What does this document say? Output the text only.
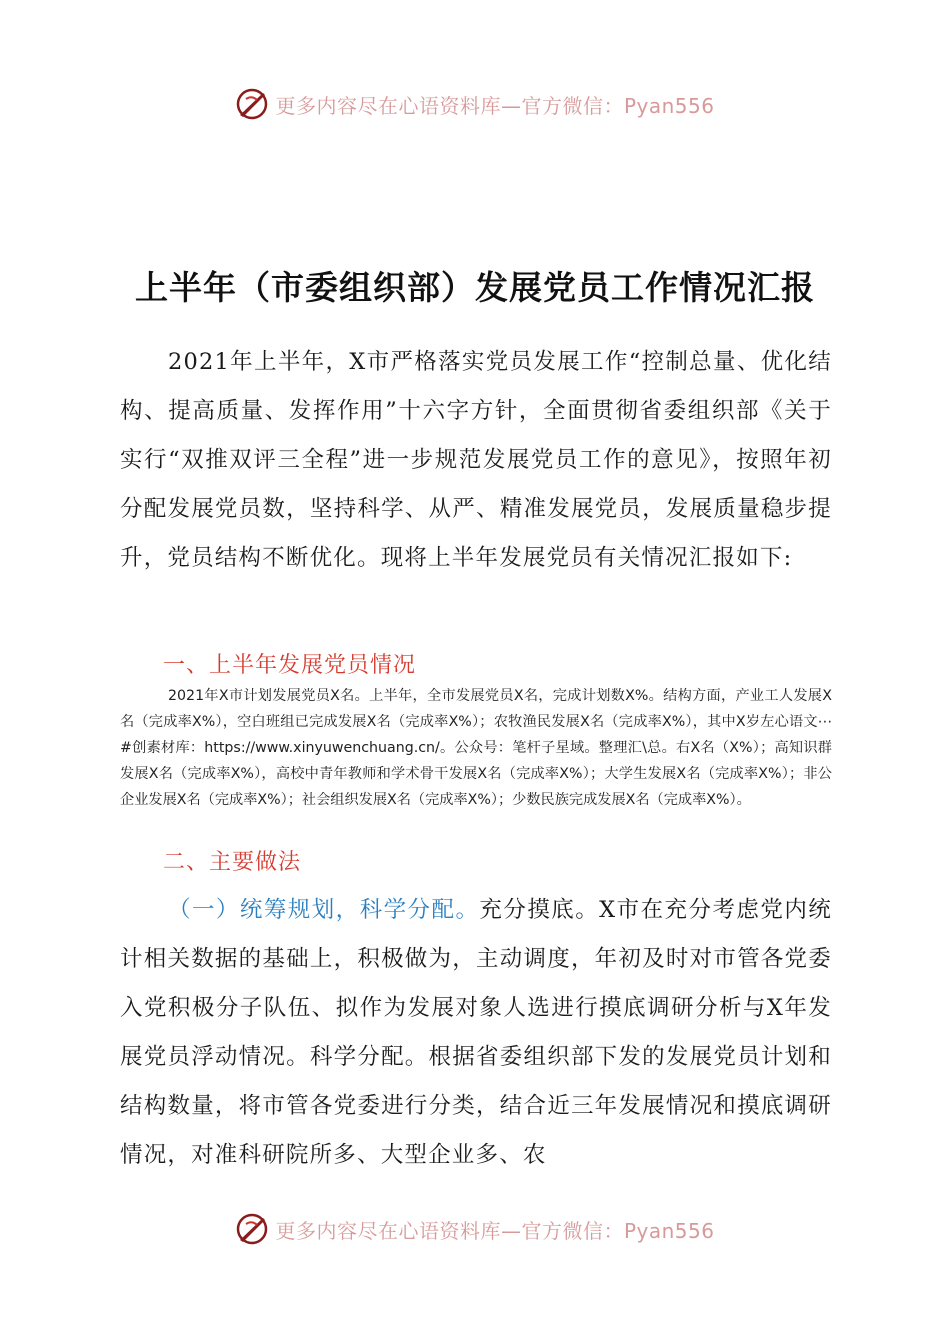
更多内容尽在心语资料库—官方微信：Pyan556
上半年（市委组织部）发展党员工作情况汇报

2021年上半年，X市严格落实党员发展工作“控制总量、优化结构、提高质量、发挥作用”十六字方针，全面贯彻省委组织部《关于实行“双推双评三全程”进一步规范发展党员工作的意见》，按照年初分配发展党员数，坚持科学、从严、精准发展党员，发展质量稳步提升，党员结构不断优化。现将上半年发展党员有关情况汇报如下:

一、上半年发展党员情况

2021年X市计划发展党员X名。上半年，全市发展党员X名，完成计划数X%。结构方面，产业工人发展X名（完成率X%），空白班组已完成发展X名（完成率X%）；农牧渔民发展X名（完成率X%），其中X岁左心语文⋯#创素材库：https://www.xinyuwenchuang.cn/。公众号：笔杆子星域。整理汇\总。右X名（X%）；高知识群发展X名（完成率X%），高校中青年教师和学术骨干发展X名（完成率X%）；大学生发展X名（完成率X%）；非公企业发展X名（完成率X%）；社会组织发展X名（完成率X%）；少数民族完成发展X名（完成率X%）。

二、主要做法

（一）统筹规划，科学分配。充分摸底。X市在充分考虑党内统计相关数据的基础上，积极做为，主动调度，年初及时对市管各党委入党积极分子队伍、拟作为发展对象人选进行摸底调研分析与X年发展党员浮动情况。科学分配。根据省委组织部下发的发展党员计划和结构数量，将市管各党委进行分类，结合近三年发展情况和摸底调研情况，对准科研院所多、大型企业多、农

更多内容尽在心语资料库—官方微信：Pyan556
